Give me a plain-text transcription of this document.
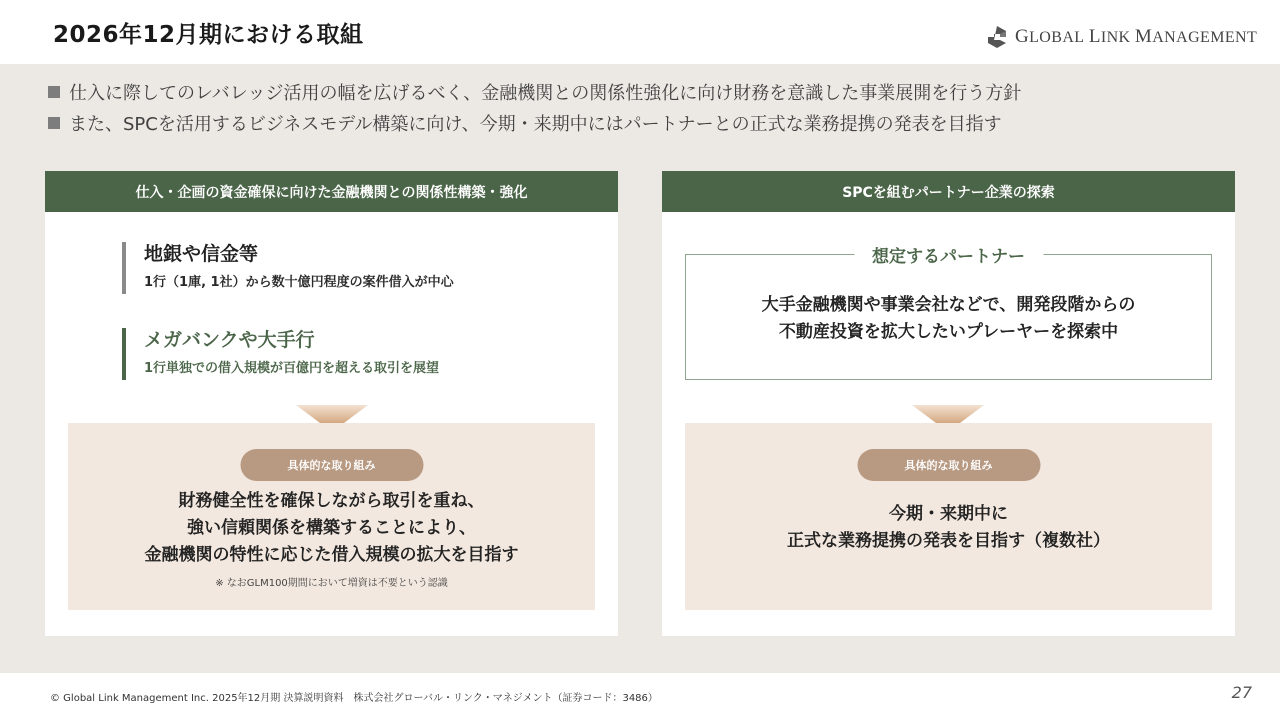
2026年12月期における取組	GLOBAL LINK MANAGEMENT
仕入に際してのレバレッジ活用の幅を広げるべく、金融機関との関係性強化に向け財務を意識した事業展開を行う方針
また、SPCを活用するビジネスモデル構築に向け、今期・来期中にはパートナーとの正式な業務提携の発表を目指す
仕入・企画の資金確保に向けた金融機関との関係性構築・強化
地銀や信金等
1行（1庫, 1社）から数十億円程度の案件借入が中心
メガバンクや大手行
1行単独での借入規模が百億円を超える取引を展望
具体的な取り組み
財務健全性を確保しながら取引を重ね、
強い信頼関係を構築することにより、
金融機関の特性に応じた借入規模の拡大を目指す
※ なおGLM100期間において増資は不要という認識
SPCを組むパートナー企業の探索
想定するパートナー
大手金融機関や事業会社などで、開発段階からの
不動産投資を拡大したいプレーヤーを探索中
具体的な取り組み
今期・来期中に
正式な業務提携の発表を目指す（複数社）
© Global Link Management Inc. 2025年12月期 決算説明資料　株式会社グローバル・リンク・マネジメント（証券コード：3486）	27
